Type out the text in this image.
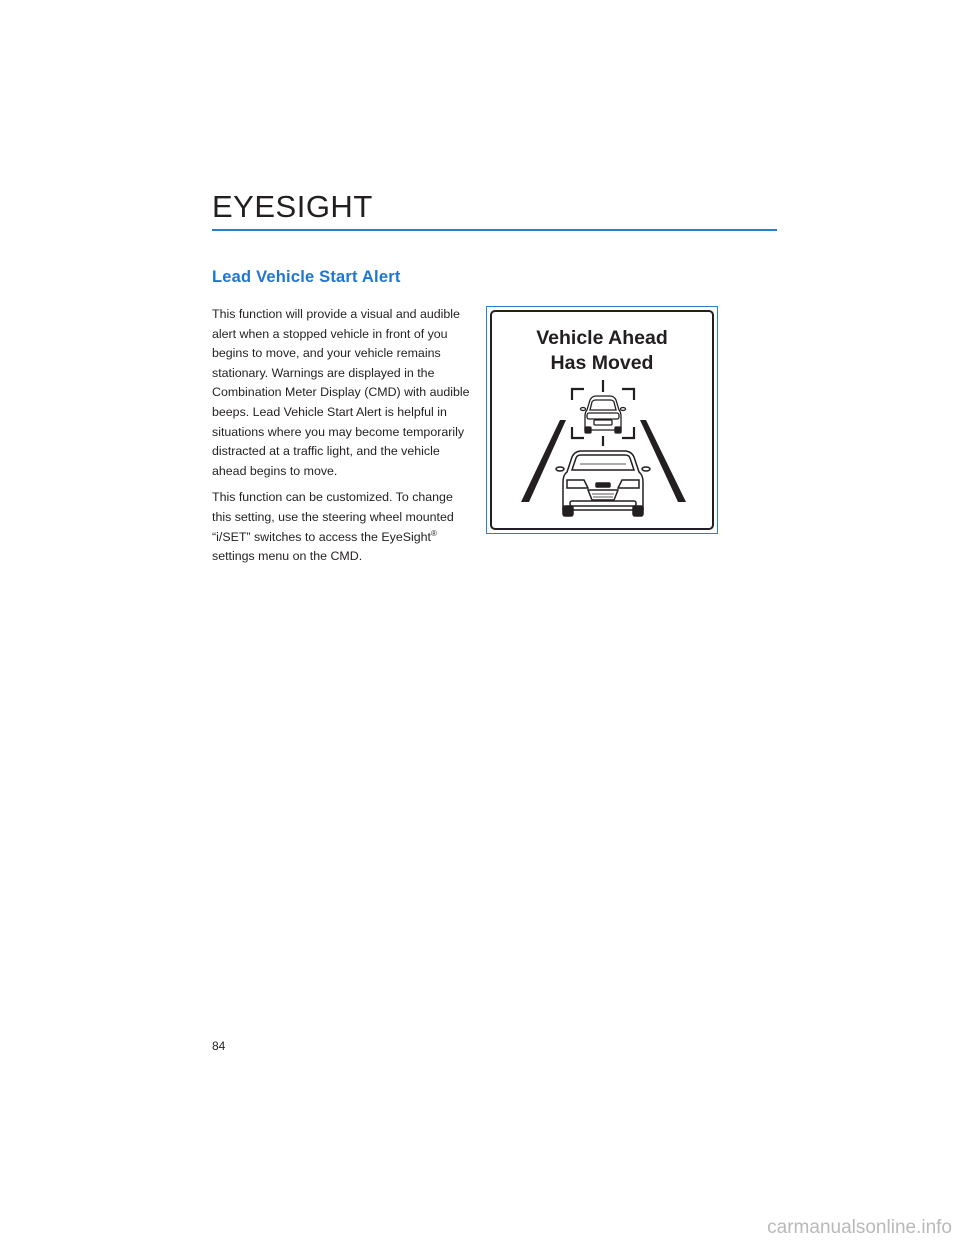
EYESIGHT
Lead Vehicle Start Alert

This function will provide a visual and audible alert when a stopped vehicle in front of you begins to move, and your vehicle remains stationary. Warnings are displayed in the Combination Meter Display (CMD) with audible beeps. Lead Vehicle Start Alert is helpful in situations where you may become temporarily distracted at a traffic light, and the vehicle ahead begins to move.

This function can be customized. To change this setting, use the steering wheel mounted “i/SET” switches to access the EyeSight® settings menu on the CMD.

Vehicle Ahead
Has Moved
84
carmanualsonline.info
